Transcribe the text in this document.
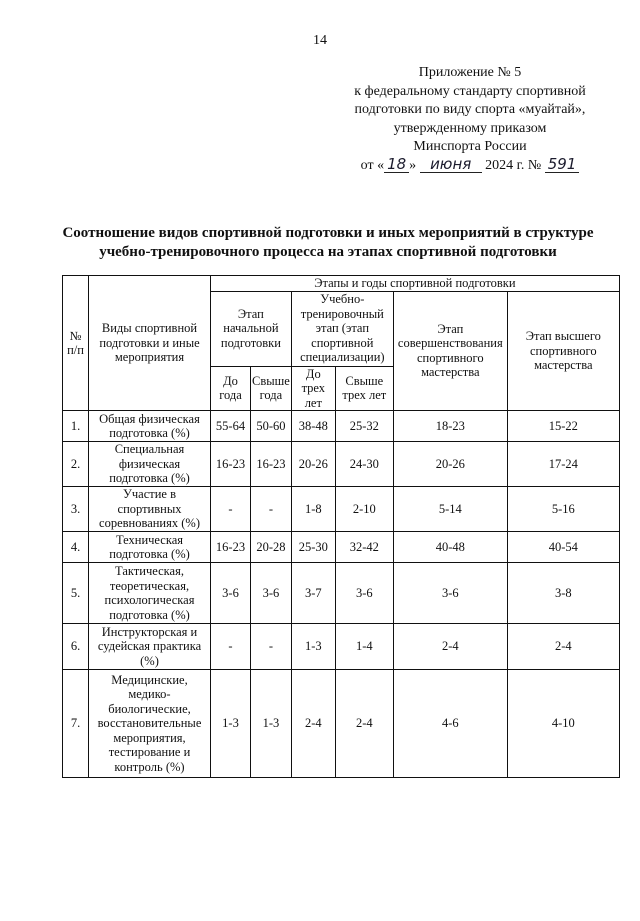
14
Приложение № 5
к федеральному стандарту спортивной
подготовки по виду спорта «муайтай»,
утвержденному приказом
Минспорта России
от « 18 » июня 2024 г. № 591
Соотношение видов спортивной подготовки и иных мероприятий в структуре
учебно-тренировочного процесса на этапах спортивной подготовки
№ п/п	Виды спортивной подготовки и иные мероприятия	Этапы и годы спортивной подготовки					
		Этап начальной подготовки		Учебно-тренировочный этап (этап спортивной специализации)		Этап совершенствования спортивного мастерства	Этап высшего спортивного мастерства
		До года	Свыше года	До трех лет	Свыше трех лет		
1.	Общая физическая подготовка (%)	55-64	50-60	38-48	25-32	18-23	15-22
2.	Специальная физическая подготовка (%)	16-23	16-23	20-26	24-30	20-26	17-24
3.	Участие в спортивных соревнованиях (%)	-	-	1-8	2-10	5-14	5-16
4.	Техническая подготовка (%)	16-23	20-28	25-30	32-42	40-48	40-54
5.	Тактическая, теоретическая, психологическая подготовка (%)	3-6	3-6	3-7	3-6	3-6	3-8
6.	Инструкторская и судейская практика (%)	-	-	1-3	1-4	2-4	2-4
7.	Медицинские, медико-биологические, восстановительные мероприятия, тестирование и контроль (%)	1-3	1-3	2-4	2-4	4-6	4-10
